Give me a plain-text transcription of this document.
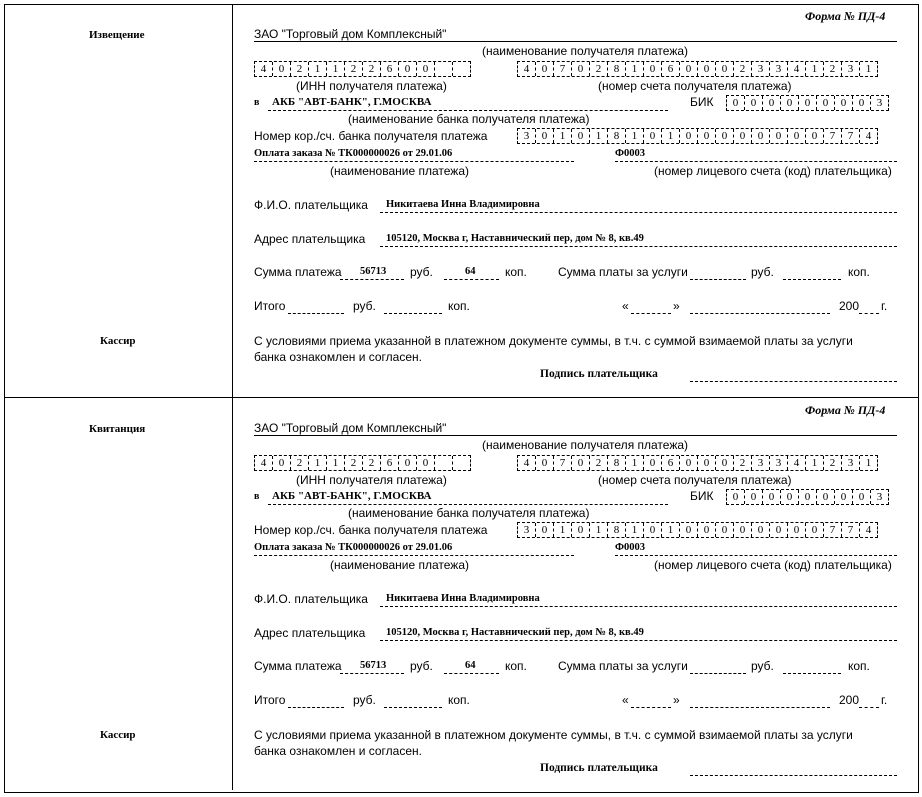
Извещение
Кассир
Форма № ПД-4
ЗАО "Торговый дом Комплексный"
(наименование получателя платежа)
4	0	2	1	1	2	2	6	0	0	4	0	7	0	2	8	1	0	6	0	0	0	2	3	3	4	1	2	3	1
(ИНН получателя платежа)	(номер счета получателя платежа)
в АКБ "АВТ-БАНК", Г.МОСКВА	БИК	0	0	0	0	0	0	0	0	3
(наименование банка получателя платежа)
Номер кор./сч. банка получателя платежа	3	0	1	0	1	8	1	0	1	0	0	0	0	0	0	0	0	7	7	4
Оплата заказа № ТК000000026 от 29.01.06	Ф0003
(наименование платежа)	(номер лицевого счета (код) плательщика)
Ф.И.О. плательщика Никитаева Инна Владимировна
Адрес плательщика 105120, Москва г, Наставнический пер, дом № 8, кв.49
Сумма платежа 56713 руб.	64 коп.	Сумма платы за услуги	руб.	коп.
Итого	руб.	коп.	«	»	200 г.
С условиями приема указанной в платежном документе суммы, в т.ч. с суммой взимаемой платы за услуги
банка ознакомлен и согласен.
Подпись плательщика
Квитанция
Кассир
Форма № ПД-4
ЗАО "Торговый дом Комплексный"
(наименование получателя платежа)
4	0	2	1	1	2	2	6	0	0	4	0	7	0	2	8	1	0	6	0	0	0	2	3	3	4	1	2	3	1
(ИНН получателя платежа)	(номер счета получателя платежа)
в АКБ "АВТ-БАНК", Г.МОСКВА	БИК	0	0	0	0	0	0	0	0	3
(наименование банка получателя платежа)
Номер кор./сч. банка получателя платежа	3	0	1	0	1	8	1	0	1	0	0	0	0	0	0	0	0	7	7	4
Оплата заказа № ТК000000026 от 29.01.06	Ф0003
(наименование платежа)	(номер лицевого счета (код) плательщика)
Ф.И.О. плательщика Никитаева Инна Владимировна
Адрес плательщика 105120, Москва г, Наставнический пер, дом № 8, кв.49
Сумма платежа 56713 руб.	64 коп.	Сумма платы за услуги	руб.	коп.
Итого	руб.	коп.	«	»	200 г.
С условиями приема указанной в платежном документе суммы, в т.ч. с суммой взимаемой платы за услуги
банка ознакомлен и согласен.
Подпись плательщика
